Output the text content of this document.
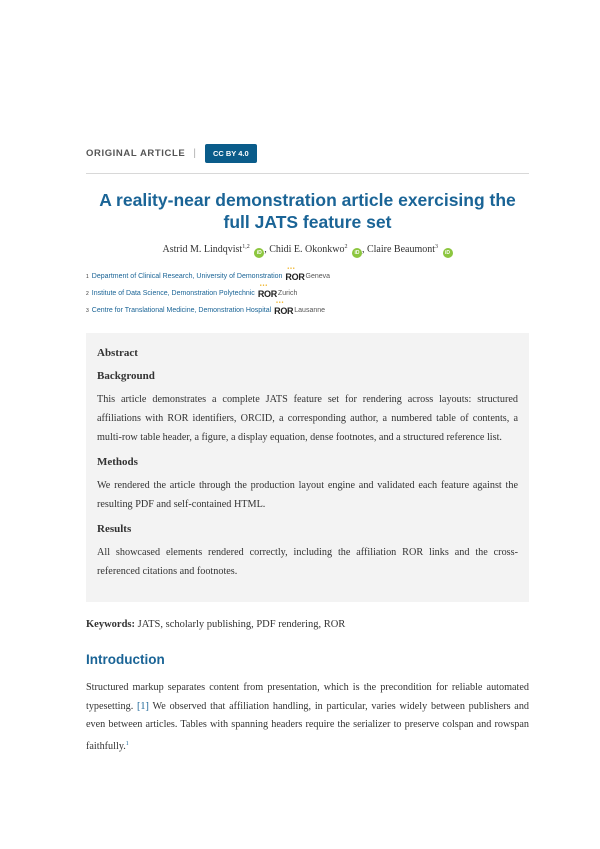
ORIGINAL ARTICLE |	CC BY 4.0
A reality-near demonstration article exercising the
full JATS feature set
Astrid M. Lindqvist$^{1,2}$ iD , Chidi E. Okonkwo$^2$ iD , Claire Beaumont$^3$ iD
1 Department of Clinical Research, University of Demonstration ••• ROR Geneva
2 Institute of Data Science, Demonstration Polytechnic ••• ROR Zurich
3 Centre for Translational Medicine, Demonstration Hospital ••• ROR Lausanne
Abstract
Background

This article demonstrates a complete JATS feature set for rendering across layouts: structured affiliations with ROR identifiers, ORCID, a corresponding author, a numbered table of contents, a multi-row table header, a figure, a display equation, dense footnotes, and a structured reference list.

Methods

We rendered the article through the production layout engine and validated each feature against the resulting PDF and self-contained HTML.

Results

All showcased elements rendered correctly, including the affiliation ROR links and the cross-referenced citations and footnotes.

Keywords: JATS, scholarly publishing, PDF rendering, ROR
Introduction

Structured markup separates content from presentation, which is the precondition for reliable automated typesetting. [1] We observed that affiliation handling, in particular, varies widely between publishers and even between articles. Tables with spanning headers require the serializer to preserve colspan and rowspan faithfully.$^1$
